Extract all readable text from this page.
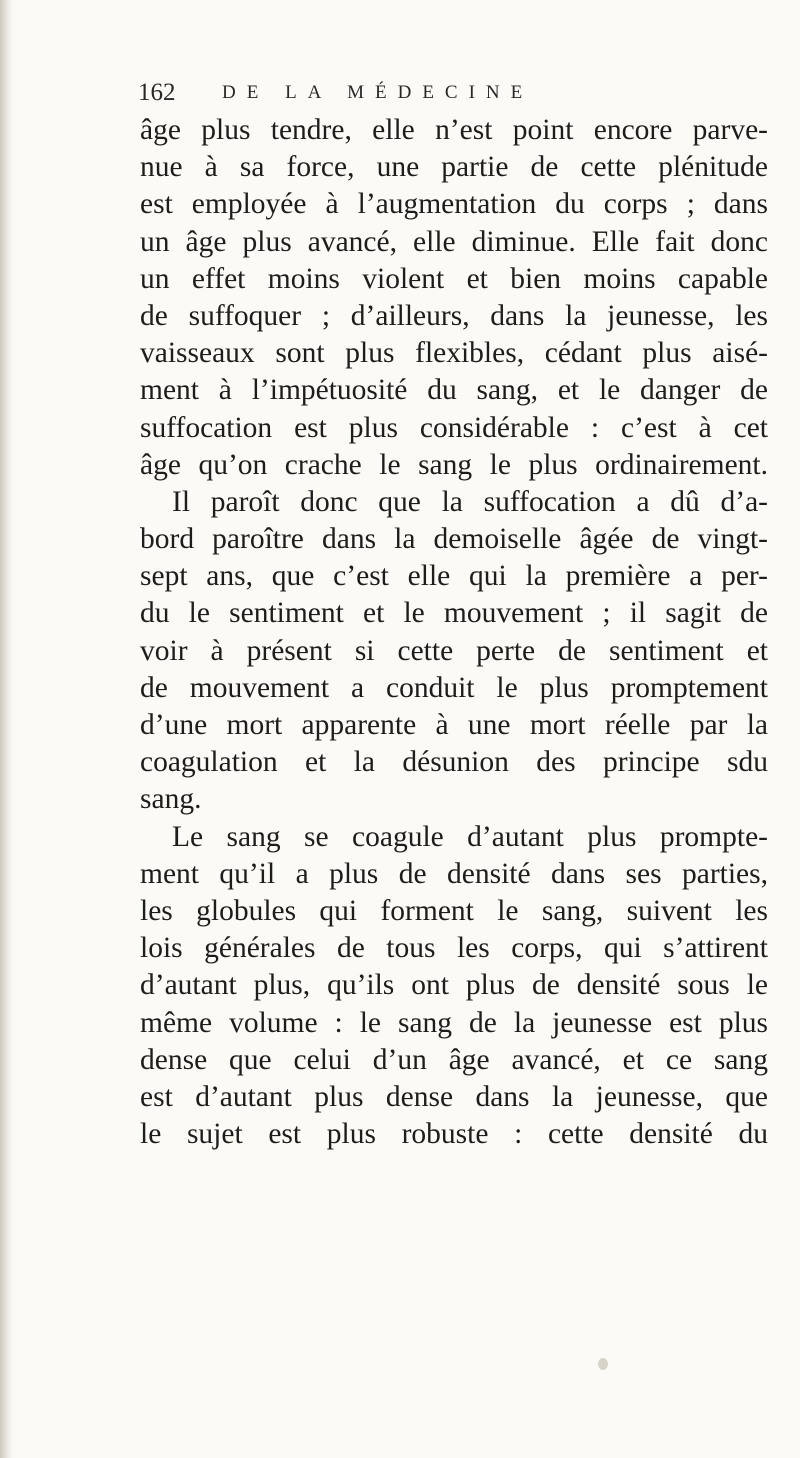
162 DE LA MÉDECINE
âge plus tendre, elle n’est point encore parve-
nue à sa force, une partie de cette plénitude
est employée à l’augmentation du corps ; dans
un âge plus avancé, elle diminue. Elle fait donc
un effet moins violent et bien moins capable
de suffoquer ; d’ailleurs, dans la jeunesse, les
vaisseaux sont plus flexibles, cédant plus aisé-
ment à l’impétuosité du sang, et le danger de
suffocation est plus considérable : c’est à cet
âge qu’on crache le sang le plus ordinairement.
Il paroît donc que la suffocation a dû d’a-
bord paroître dans la demoiselle âgée de vingt-
sept ans, que c’est elle qui la première a per-
du le sentiment et le mouvement ; il sagit de
voir à présent si cette perte de sentiment et
de mouvement a conduit le plus promptement
d’une mort apparente à une mort réelle par la
coagulation et la désunion des principe sdu
sang.
Le sang se coagule d’autant plus prompte-
ment qu’il a plus de densité dans ses parties,
les globules qui forment le sang, suivent les
lois générales de tous les corps, qui s’attirent
d’autant plus, qu’ils ont plus de densité sous le
même volume : le sang de la jeunesse est plus
dense que celui d’un âge avancé, et ce sang
est d’autant plus dense dans la jeunesse, que
le sujet est plus robuste : cette densité du
